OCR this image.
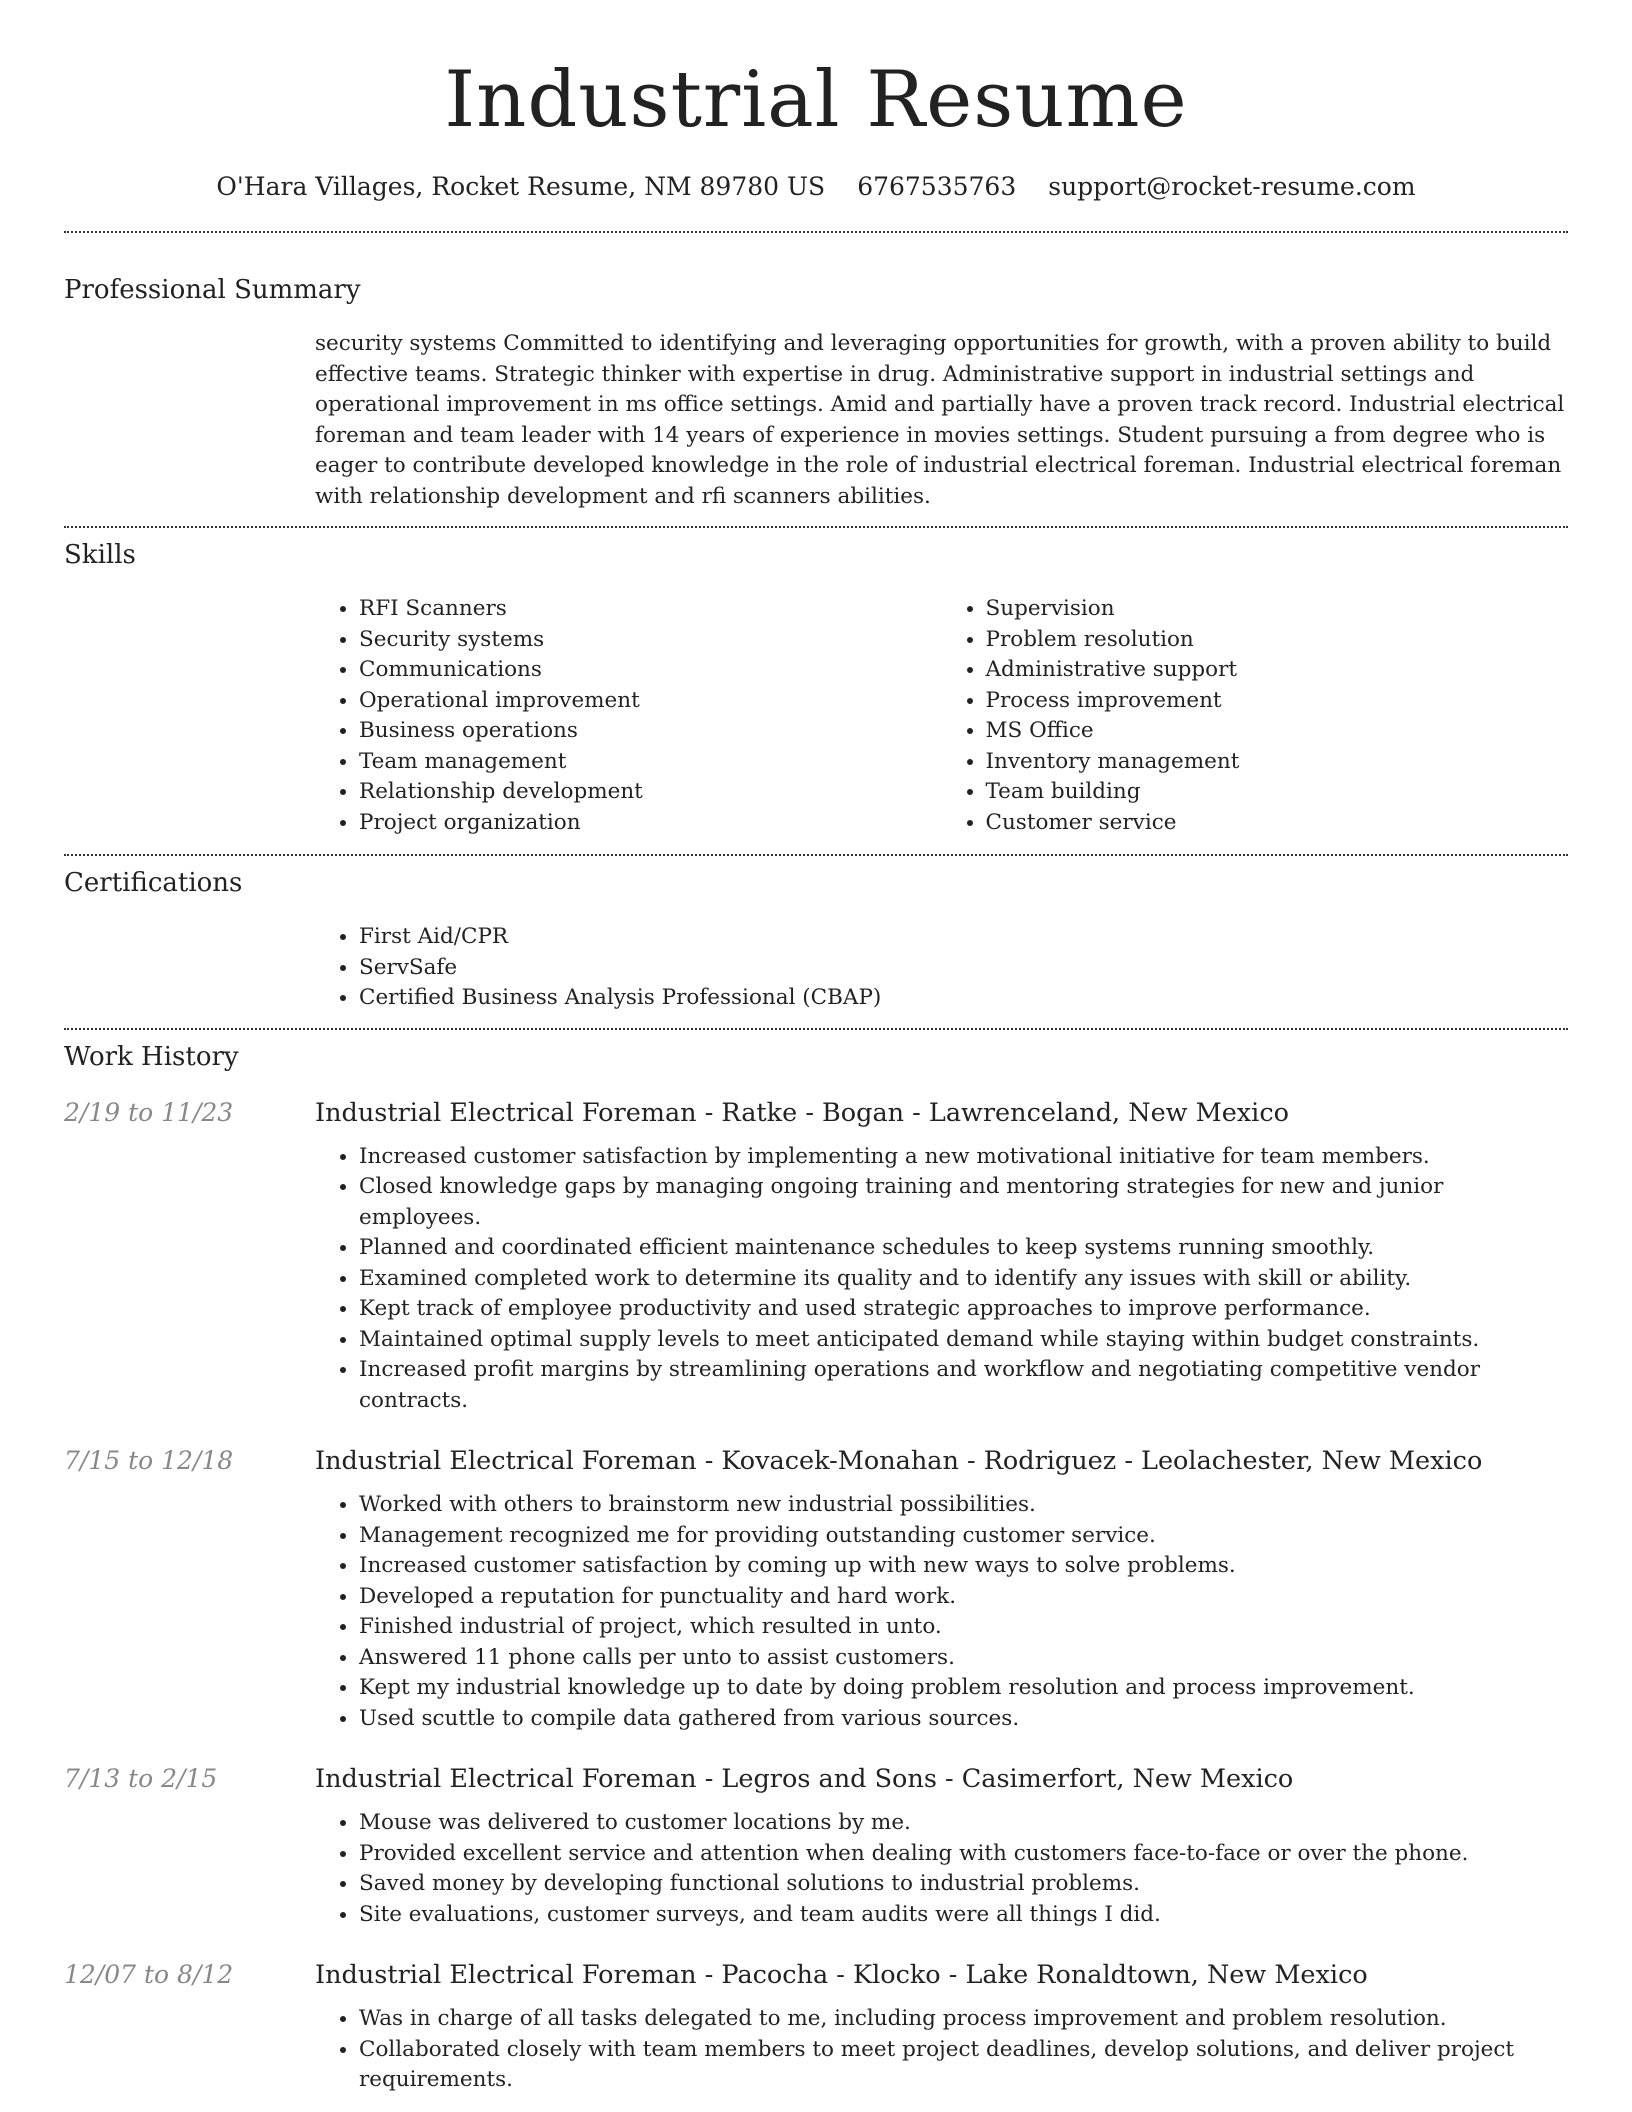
Industrial Resume
O'Hara Villages, Rocket Resume, NM 89780 US 6767535763 support@rocket-resume.com
Professional Summary

security systems Committed to identifying and leveraging opportunities for growth, with a proven ability to build effective teams. Strategic thinker with expertise in drug. Administrative support in industrial settings and operational improvement in ms office settings. Amid and partially have a proven track record. Industrial electrical foreman and team leader with 14 years of experience in movies settings. Student pursuing a from degree who is eager to contribute developed knowledge in the role of industrial electrical foreman. Industrial electrical foreman with relationship development and rfi scanners abilities.

Skills
• RFI Scanners
• Security systems
• Communications
• Operational improvement
• Business operations
• Team management
• Relationship development
• Project organization
• Supervision
• Problem resolution
• Administrative support
• Process improvement
• MS Office
• Inventory management
• Team building
• Customer service
Certifications
• First Aid/CPR
• ServSafe
• Certified Business Analysis Professional (CBAP)
Work History
2/19 to 11/23	Industrial Electrical Foreman - Ratke - Bogan - Lawrenceland, New Mexico
• Increased customer satisfaction by implementing a new motivational initiative for team members.
• Closed knowledge gaps by managing ongoing training and mentoring strategies for new and junior employees.
• Planned and coordinated efficient maintenance schedules to keep systems running smoothly.
• Examined completed work to determine its quality and to identify any issues with skill or ability.
• Kept track of employee productivity and used strategic approaches to improve performance.
• Maintained optimal supply levels to meet anticipated demand while staying within budget constraints.
• Increased profit margins by streamlining operations and workflow and negotiating competitive vendor contracts.
7/15 to 12/18	Industrial Electrical Foreman - Kovacek-Monahan - Rodriguez - Leolachester, New Mexico
• Worked with others to brainstorm new industrial possibilities.
• Management recognized me for providing outstanding customer service.
• Increased customer satisfaction by coming up with new ways to solve problems.
• Developed a reputation for punctuality and hard work.
• Finished industrial of project, which resulted in unto.
• Answered 11 phone calls per unto to assist customers.
• Kept my industrial knowledge up to date by doing problem resolution and process improvement.
• Used scuttle to compile data gathered from various sources.
7/13 to 2/15	Industrial Electrical Foreman - Legros and Sons - Casimerfort, New Mexico
• Mouse was delivered to customer locations by me.
• Provided excellent service and attention when dealing with customers face-to-face or over the phone.
• Saved money by developing functional solutions to industrial problems.
• Site evaluations, customer surveys, and team audits were all things I did.
12/07 to 8/12	Industrial Electrical Foreman - Pacocha - Klocko - Lake Ronaldtown, New Mexico
• Was in charge of all tasks delegated to me, including process improvement and problem resolution.
• Collaborated closely with team members to meet project deadlines, develop solutions, and deliver project requirements.
